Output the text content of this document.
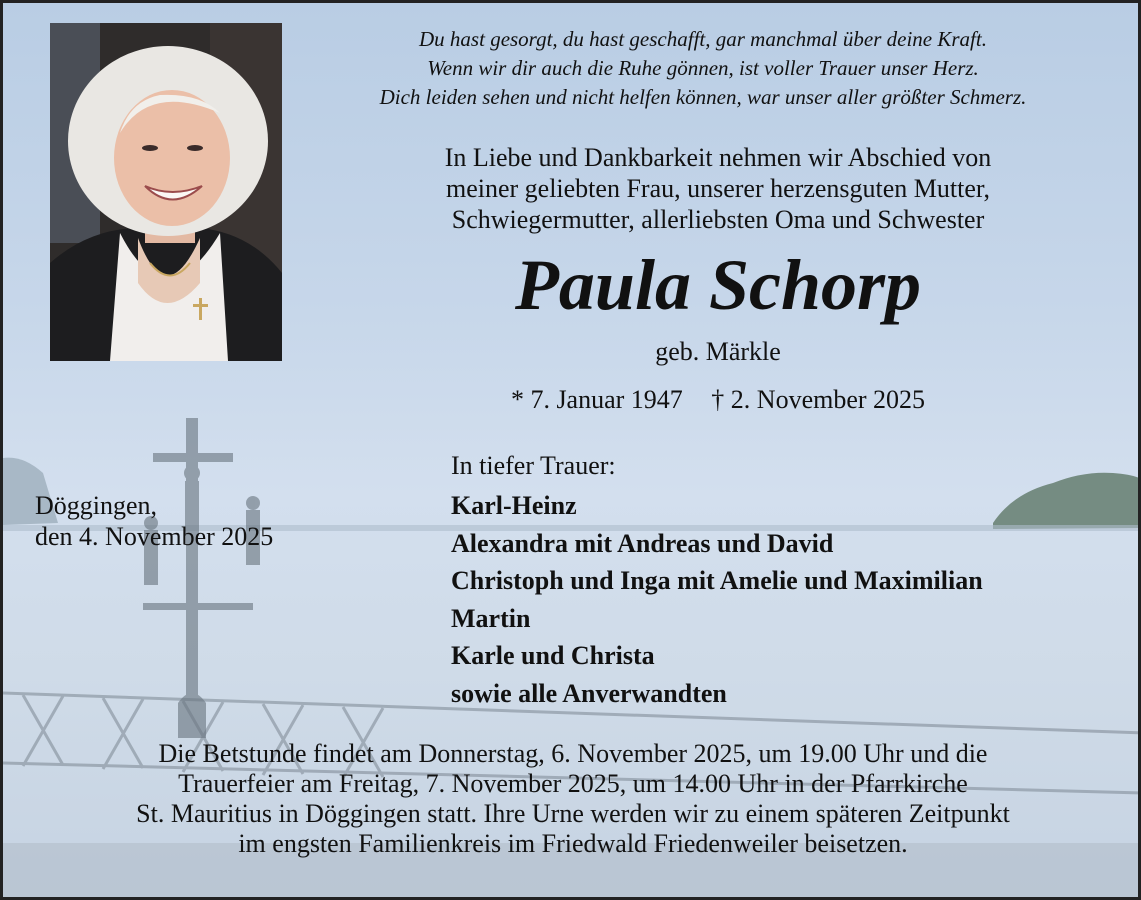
Du hast gesorgt, du hast geschafft, gar manchmal über deine Kraft.
Wenn wir dir auch die Ruhe gönnen, ist voller Trauer unser Herz.
Dich leiden sehen und nicht helfen können, war unser aller größter Schmerz.
In Liebe und Dankbarkeit nehmen wir Abschied von
meiner geliebten Frau, unserer herzensguten Mutter,
Schwiegermutter, allerliebsten Oma und Schwester
Paula Schorp
geb. Märkle
* 7. Januar 1947 † 2. November 2025
Döggingen,
den 4. November 2025
In tiefer Trauer:
Karl-Heinz
Alexandra mit Andreas und David
Christoph und Inga mit Amelie und Maximilian
Martin
Karle und Christa
sowie alle Anverwandten
Die Betstunde findet am Donnerstag, 6. November 2025, um 19.00 Uhr und die
Trauerfeier am Freitag, 7. November 2025, um 14.00 Uhr in der Pfarrkirche
St. Mauritius in Döggingen statt. Ihre Urne werden wir zu einem späteren Zeitpunkt
im engsten Familienkreis im Friedwald Friedenweiler beisetzen.
